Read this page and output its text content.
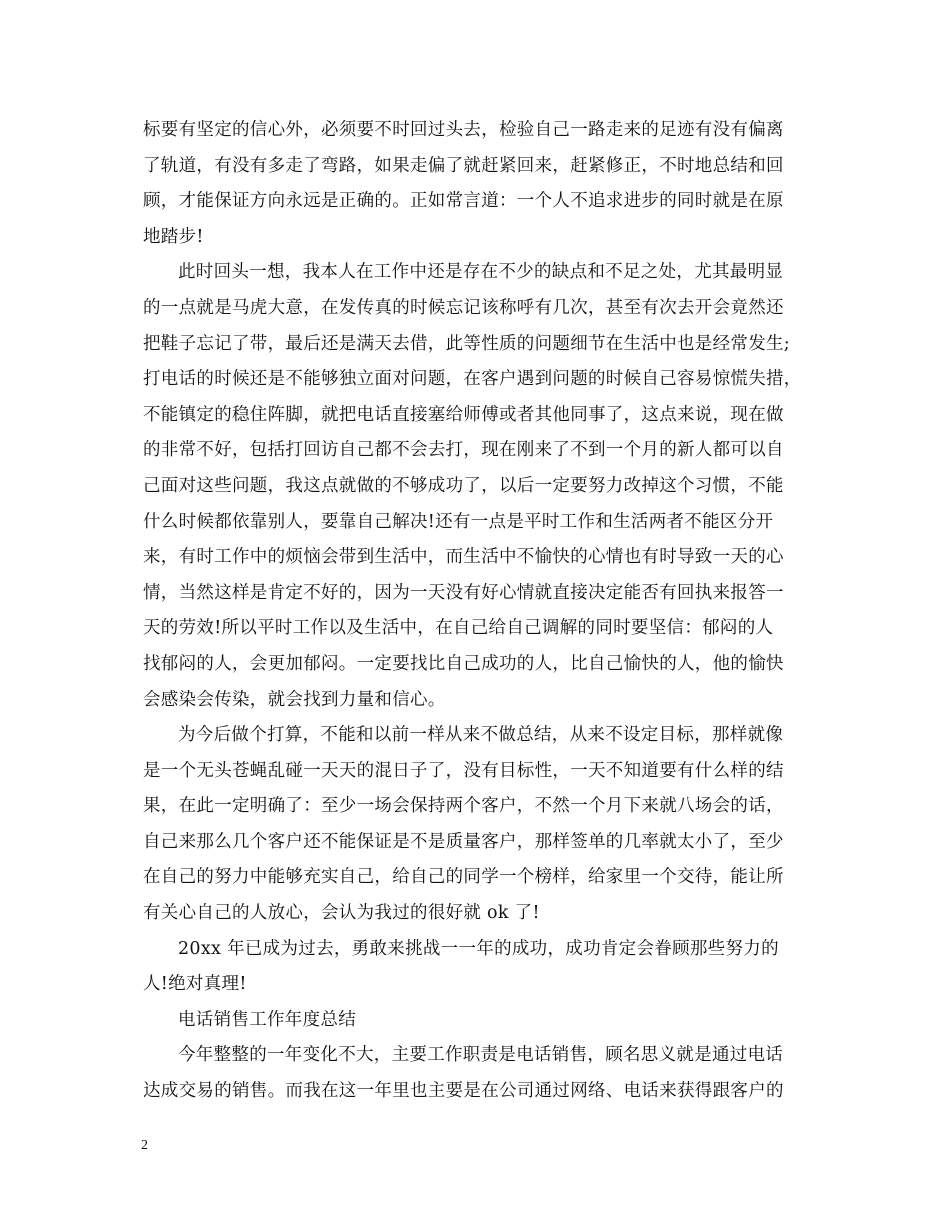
标要有坚定的信心外，必须要不时回过头去，检验自己一路走来的足迹有没有偏离
了轨道，有没有多走了弯路，如果走偏了就赶紧回来，赶紧修正，不时地总结和回
顾，才能保证方向永远是正确的。正如常言道：一个人不追求进步的同时就是在原
地踏步!
此时回头一想，我本人在工作中还是存在不少的缺点和不足之处，尤其最明显
的一点就是马虎大意，在发传真的时候忘记该称呼有几次，甚至有次去开会竟然还
把鞋子忘记了带，最后还是满天去借，此等性质的问题细节在生活中也是经常发生;
打电话的时候还是不能够独立面对问题，在客户遇到问题的时候自己容易惊慌失措，
不能镇定的稳住阵脚，就把电话直接塞给师傅或者其他同事了，这点来说，现在做
的非常不好，包括打回访自己都不会去打，现在刚来了不到一个月的新人都可以自
己面对这些问题，我这点就做的不够成功了，以后一定要努力改掉这个习惯，不能
什么时候都依靠别人，要靠自己解决!还有一点是平时工作和生活两者不能区分开
来，有时工作中的烦恼会带到生活中，而生活中不愉快的心情也有时导致一天的心
情，当然这样是肯定不好的，因为一天没有好心情就直接决定能否有回执来报答一
天的劳效!所以平时工作以及生活中，在自己给自己调解的同时要坚信：郁闷的人
找郁闷的人，会更加郁闷。一定要找比自己成功的人，比自己愉快的人，他的愉快
会感染会传染，就会找到力量和信心。
为今后做个打算，不能和以前一样从来不做总结，从来不设定目标，那样就像
是一个无头苍蝇乱碰一天天的混日子了，没有目标性，一天不知道要有什么样的结
果，在此一定明确了：至少一场会保持两个客户，不然一个月下来就八场会的话，
自己来那么几个客户还不能保证是不是质量客户，那样签单的几率就太小了，至少
在自己的努力中能够充实自己，给自己的同学一个榜样，给家里一个交待，能让所
有关心自己的人放心，会认为我过的很好就 ok 了!
20xx 年已成为过去，勇敢来挑战一一年的成功，成功肯定会眷顾那些努力的
人!绝对真理!
电话销售工作年度总结
今年整整的一年变化不大，主要工作职责是电话销售，顾名思义就是通过电话
达成交易的销售。而我在这一年里也主要是在公司通过网络、电话来获得跟客户的
2
